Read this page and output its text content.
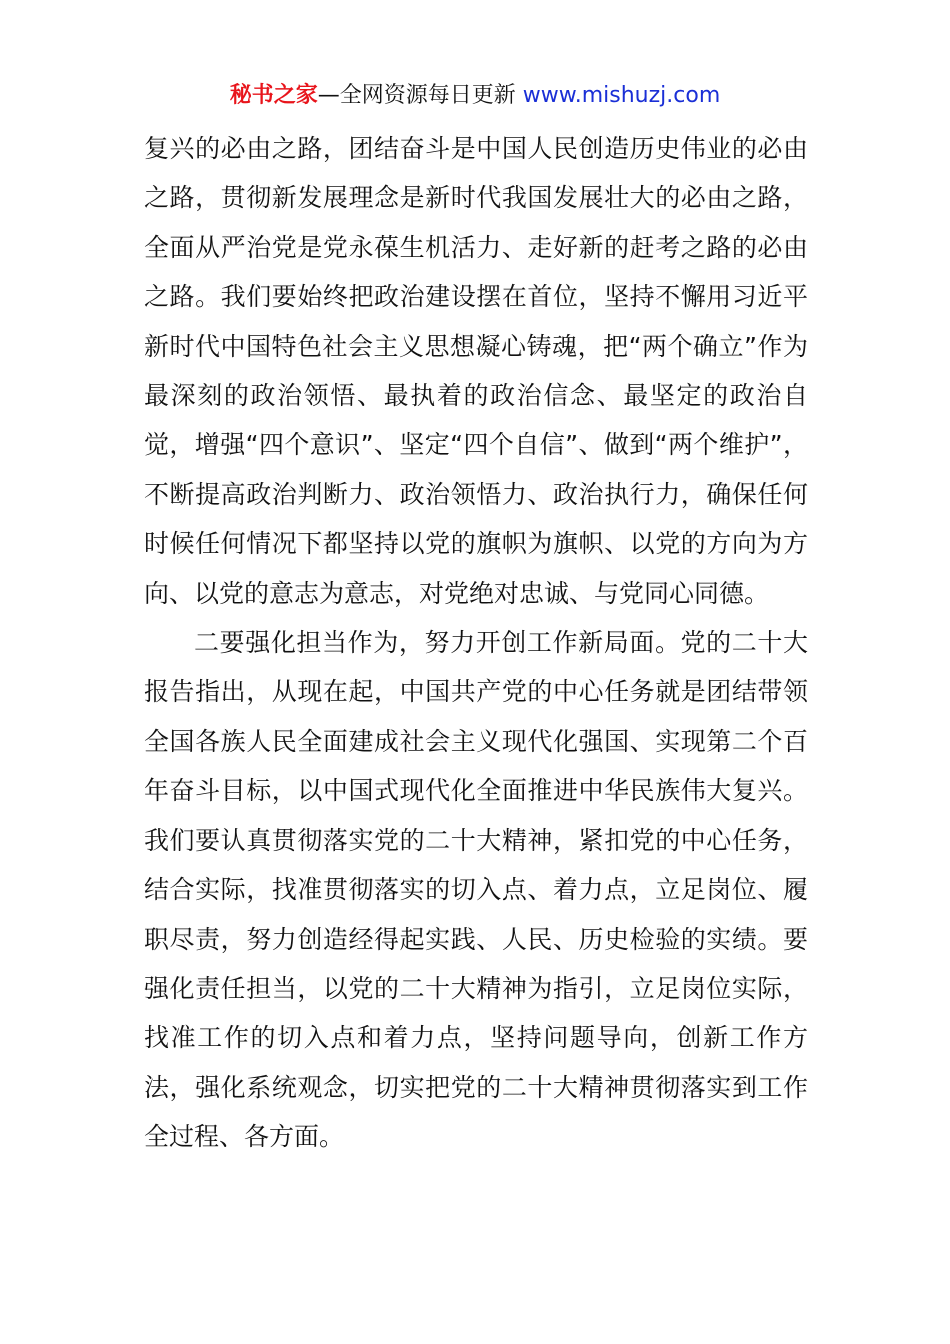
秘书之家—全网资源每日更新 www.mishuzj.com

复兴的必由之路，团结奋斗是中国人民创造历史伟业的必由之路，贯彻新发展理念是新时代我国发展壮大的必由之路，全面从严治党是党永葆生机活力、走好新的赶考之路的必由之路。我们要始终把政治建设摆在首位，坚持不懈用习近平新时代中国特色社会主义思想凝心铸魂，把“两个确立”作为最深刻的政治领悟、最执着的政治信念、最坚定的政治自觉，增强“四个意识”、坚定“四个自信”、做到“两个维护”，不断提高政治判断力、政治领悟力、政治执行力，确保任何时候任何情况下都坚持以党的旗帜为旗帜、以党的方向为方向、以党的意志为意志，对党绝对忠诚、与党同心同德。

二要强化担当作为，努力开创工作新局面。党的二十大报告指出，从现在起，中国共产党的中心任务就是团结带领全国各族人民全面建成社会主义现代化强国、实现第二个百年奋斗目标，以中国式现代化全面推进中华民族伟大复兴。我们要认真贯彻落实党的二十大精神，紧扣党的中心任务，结合实际，找准贯彻落实的切入点、着力点，立足岗位、履职尽责，努力创造经得起实践、人民、历史检验的实绩。要强化责任担当，以党的二十大精神为指引，立足岗位实际，找准工作的切入点和着力点，坚持问题导向，创新工作方法，强化系统观念，切实把党的二十大精神贯彻落实到工作全过程、各方面。
